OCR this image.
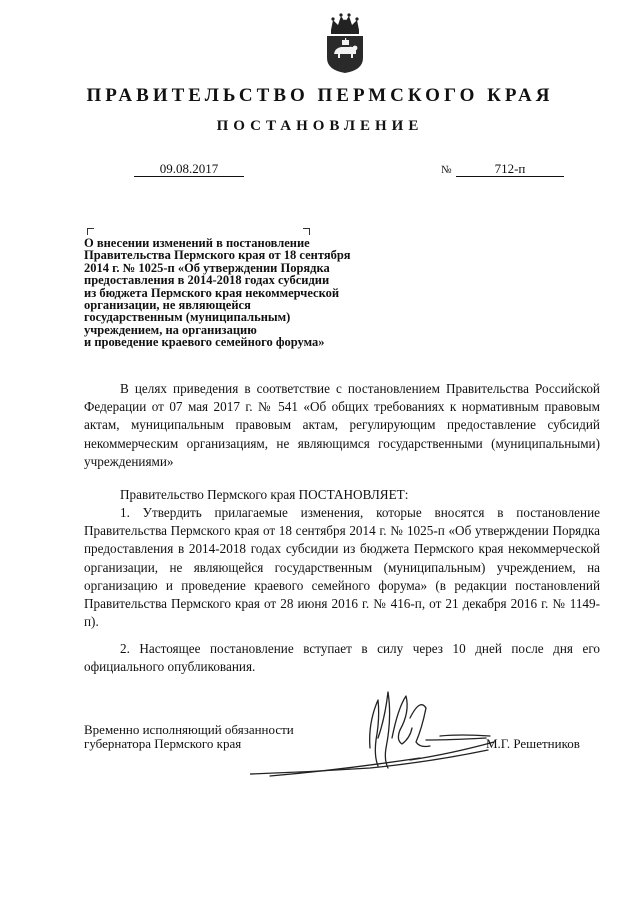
ПРАВИТЕЛЬСТВО ПЕРМСКОГО КРАЯ
ПОСТАНОВЛЕНИЕ
09.08.2017	№	712-п
О внесении изменений в постановление
Правительства Пермского края от 18 сентября
2014 г. № 1025-п «Об утверждении Порядка
предоставления в 2014-2018 годах субсидии
из бюджета Пермского края некоммерческой
организации, не являющейся
государственным (муниципальным)
учреждением, на организацию
и проведение краевого семейного форума»

В целях приведения в соответствие с постановлением Правительства Российской Федерации от 07 мая 2017 г. № 541 «Об общих требованиях к нормативным правовым актам, муниципальным правовым актам, регулирующим предоставление субсидий некоммерческим организациям, не являющимся государственными (муниципальными) учреждениями»

Правительство Пермского края ПОСТАНОВЛЯЕТ:

1. Утвердить прилагаемые изменения, которые вносятся в постановление Правительства Пермского края от 18 сентября 2014 г. № 1025-п «Об утверждении Порядка предоставления в 2014-2018 годах субсидии из бюджета Пермского края некоммерческой организации, не являющейся государственным (муниципальным) учреждением, на организацию и проведение краевого семейного форума» (в редакции постановлений Правительства Пермского края от 28 июня 2016 г. № 416-п, от 21 декабря 2016 г. № 1149-п).

2. Настоящее постановление вступает в силу через 10 дней после дня его официального опубликования.

Временно исполняющий обязанности
губернатора Пермского края	М.Г. Решетников
